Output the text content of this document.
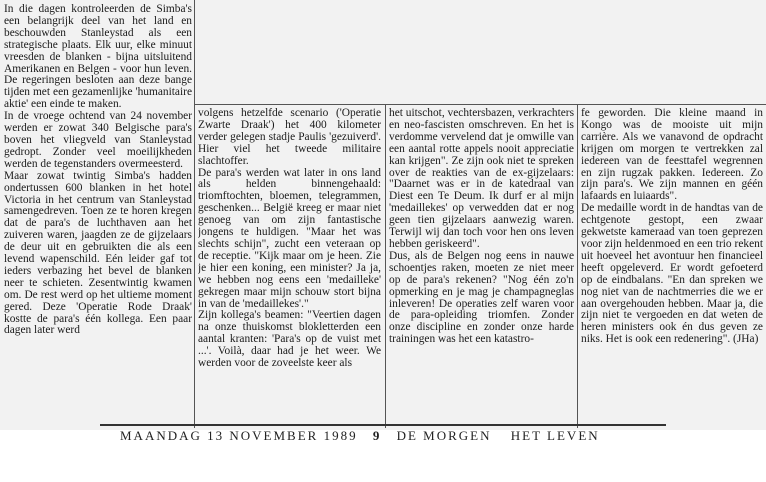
In die dagen kontroleerden de Simba's een belangrijk deel van het land en beschouwden Stanleystad als een strategische plaats. Elk uur, elke minuut vreesden de blanken - bijna uitsluitend Amerikanen en Belgen - voor hun leven. De regeringen besloten aan deze bange tijden met een gezamenlijke 'humanitaire aktie' een einde te maken.

In de vroege ochtend van 24 november werden er zowat 340 Belgische para's boven het vliegveld van Stanleystad gedropt. Zonder veel moeilijkheden werden de tegenstanders overmeesterd.

Maar zowat twintig Simba's hadden ondertussen 600 blanken in het hotel Victoria in het centrum van Stanleystad samengedreven. Toen ze te horen kregen dat de para's de luchthaven aan het zuiveren waren, jaagden ze de gijzelaars de deur uit en gebruikten die als een levend wapenschild. Eén leider gaf tot ieders verbazing het bevel de blanken neer te schieten. Zesentwintig kwamen om. De rest werd op het ultieme moment gered. Deze 'Operatie Rode Draak' kostte de para's één kollega. Een paar dagen later werd

volgens hetzelfde scenario ('Operatie Zwarte Draak') het 400 kilometer verder gelegen stadje Paulis 'gezuiverd'. Hier viel het tweede militaire slachtoffer.

De para's werden wat later in ons land als helden binnengehaald: triomftochten, bloemen, telegrammen, geschenken... België kreeg er maar niet genoeg van om zijn fantastische jongens te huldigen. "Maar het was slechts schijn", zucht een veteraan op de receptie. "Kijk maar om je heen. Zie je hier een koning, een minister? Ja ja, we hebben nog eens een 'medailleke' gekregen maar mijn schouw stort bijna in van de 'medaillekes'."

Zijn kollega's beamen: "Veertien dagen na onze thuiskomst blokletterden een aantal kranten: 'Para's op de vuist met ...'. Voilà, daar had je het weer. We werden voor de zoveelste keer als

het uitschot, vechtersbazen, verkrachters en neo-fascisten omschreven. En het is verdomme vervelend dat je omwille van een aantal rotte appels nooit appreciatie kan krijgen". Ze zijn ook niet te spreken over de reakties van de ex-gijzelaars: "Daarnet was er in de katedraal van Diest een Te Deum. Ik durf er al mijn 'medaillekes' op verwedden dat er nog geen tien gijzelaars aanwezig waren. Terwijl wij dan toch voor hen ons leven hebben geriskeerd".

Dus, als de Belgen nog eens in nauwe schoentjes raken, moeten ze niet meer op de para's rekenen? "Nog één zo'n opmerking en je mag je champagneglas inleveren! De operaties zelf waren voor de para-opleiding triomfen. Zonder onze discipline en zonder onze harde trainingen was het een katastro-

fe geworden. Die kleine maand in Kongo was de mooiste uit mijn carrière. Als we vanavond de opdracht krijgen om morgen te vertrekken zal iedereen van de feesttafel wegrennen en zijn rugzak pakken. Iedereen. Zo zijn para's. We zijn mannen en géén lafaards en luiaards".

De medaille wordt in de handtas van de echtgenote gestopt, een zwaar gekwetste kameraad van toen geprezen voor zijn heldenmoed en een trio rekent uit hoeveel het avontuur hen financieel heeft opgeleverd. Er wordt gefoeterd op de eindbalans. "En dan spreken we nog niet van de nachtmerries die we er aan overgehouden hebben. Maar ja, die zijn niet te vergoeden en dat weten de heren ministers ook én dus geven ze niks. Het is ook een redenering". (JHa)

MAANDAG 13 NOVEMBER 1989 9 DE MORGEN HET LEVEN
